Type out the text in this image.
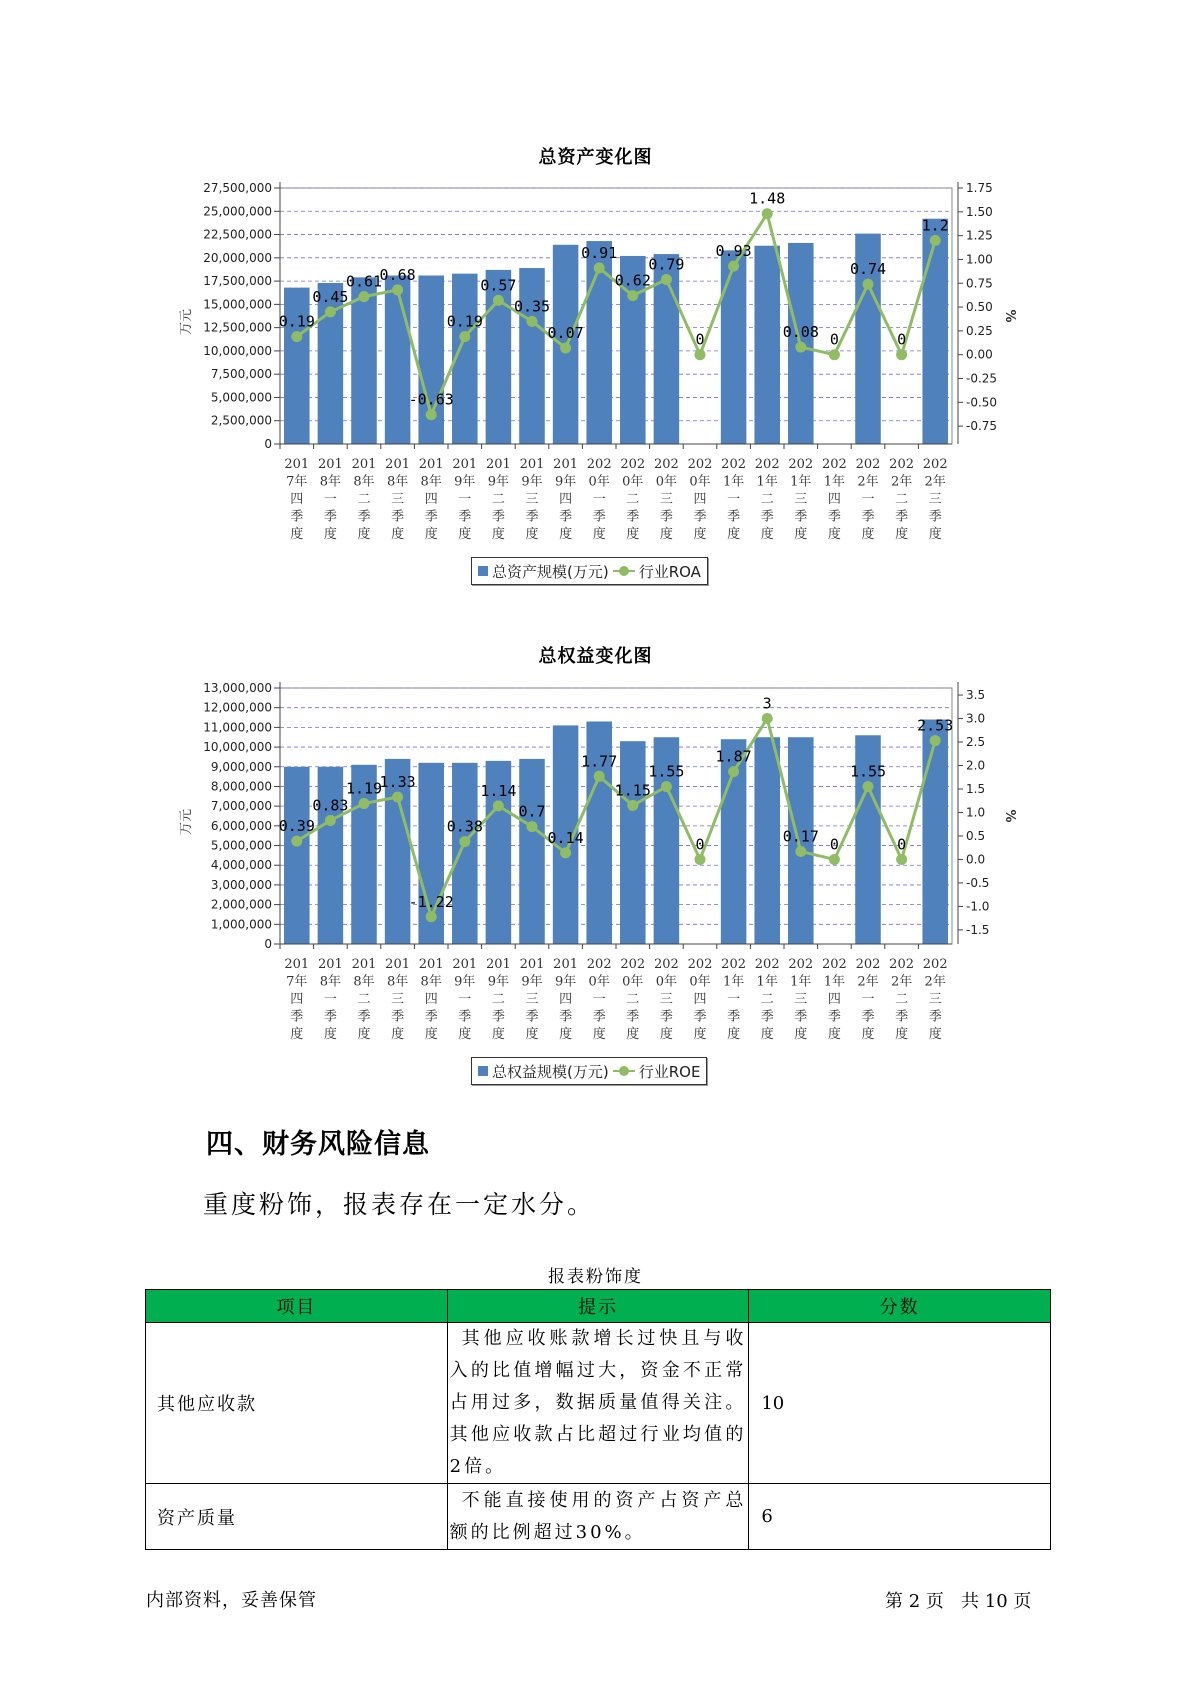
总资产变化图
0
2,500,000
5,000,000
7,500,000
10,000,000
12,500,000
15,000,000
17,500,000
20,000,000
22,500,000
25,000,000
27,500,000
-0.75
-0.50
-0.25
0.00
0.25
0.50
0.75
1.00
1.25
1.50
1.75
万元	%
201 7年四季度
201 8年一季度
201 8年二季度
201 8年三季度
201 8年四季度
201 9年一季度
201 9年二季度
201 9年三季度
201 9年四季度
202 0年一季度
202 0年二季度
202 0年三季度
202 0年四季度
202 1年一季度
202 1年二季度
202 1年三季度
202 1年四季度
202 2年一季度
202 2年二季度
202 2年三季度
0.19
0.45
0.61
0.68
-0.63
0.19
0.57
0.35
0.07
0.91
0.62
0.79
0
0.93
1.48
0.08 0
0.74
0
1.2
总资产规模(万元) 行业ROA
总权益变化图
0
1,000,000
2,000,000
3,000,000
4,000,000
5,000,000
6,000,000
7,000,000
8,000,000
9,000,000
10,000,000
11,000,000
12,000,000
13,000,000
-1.5
-1.0
-0.5
0.0
0.5
1.0
1.5
2.0
2.5
3.0
3.5
万元	%
201 7年四季度
201 8年一季度
201 8年二季度
201 8年三季度
201 8年四季度
201 9年一季度
201 9年二季度
201 9年三季度
201 9年四季度
202 0年一季度
202 0年二季度
202 0年三季度
202 0年四季度
202 1年一季度
202 1年二季度
202 1年三季度
202 1年四季度
202 2年一季度
202 2年二季度
202 2年三季度
0.39
0.83
1.19
1.33
-1.22
0.38
1.14
0.7
0.14
1.77
1.15
1.55
0
1.87
3
0.17 0
1.55
0
2.53
总权益规模(万元) 行业ROE
四、财务风险信息
重度粉饰，报表存在一定水分。
报表粉饰度
项目	提示	分数
其他应收款	其他应收账款增长过快且与收入的比值增幅过大，资金不正常占用过多，数据质量值得关注。其他应收款占比超过行业均值的2倍。	10
资产质量	不能直接使用的资产占资产总额的比例超过30%。	6
内部资料，妥善保管	第 2 页   共 10 页
